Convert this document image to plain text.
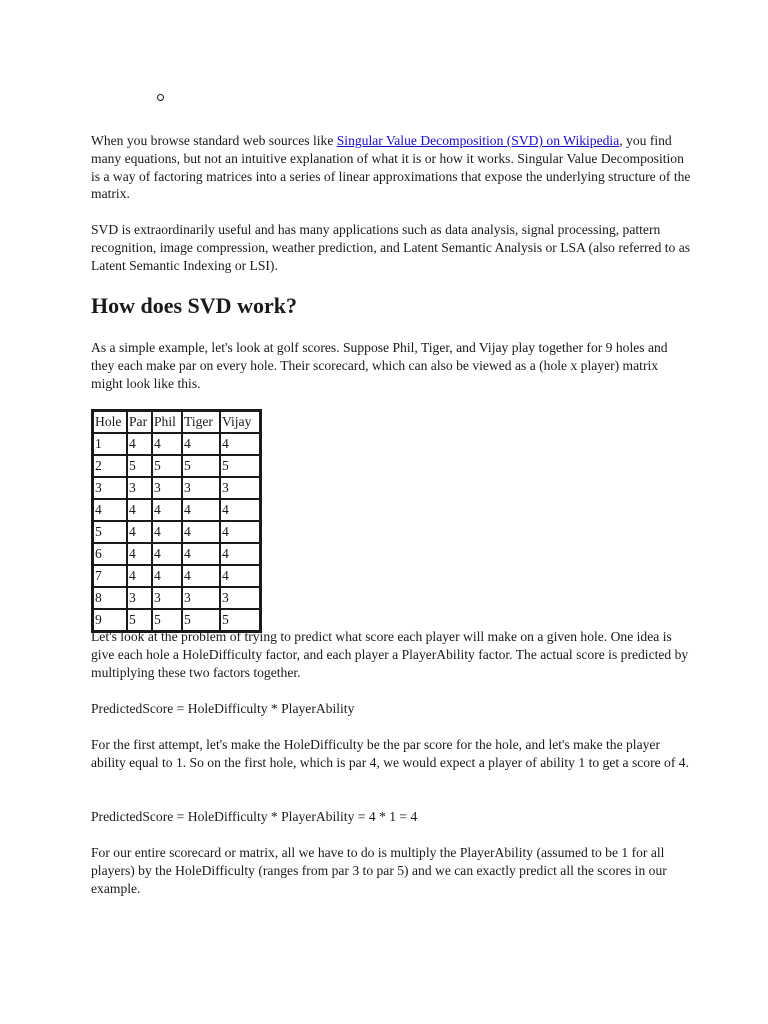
When you browse standard web sources like Singular Value Decomposition (SVD) on Wikipedia, you find many equations, but not an intuitive explanation of what it is or how it works. Singular Value Decomposition is a way of factoring matrices into a series of linear approximations that expose the underlying structure of the matrix.

SVD is extraordinarily useful and has many applications such as data analysis, signal processing, pattern recognition, image compression, weather prediction, and Latent Semantic Analysis or LSA (also referred to as Latent Semantic Indexing or LSI).

How does SVD work?

As a simple example, let's look at golf scores. Suppose Phil, Tiger, and Vijay play together for 9 holes and they each make par on every hole. Their scorecard, which can also be viewed as a (hole x player) matrix might look like this.

Hole	Par	Phil	Tiger	Vijay
1	4	4	4	4
2	5	5	5	5
3	3	3	3	3
4	4	4	4	4
5	4	4	4	4
6	4	4	4	4
7	4	4	4	4
8	3	3	3	3
9	5	5	5	5

Let's look at the problem of trying to predict what score each player will make on a given hole. One idea is give each hole a HoleDifficulty factor, and each player a PlayerAbility factor. The actual score is predicted by multiplying these two factors together.

PredictedScore = HoleDifficulty * PlayerAbility

For the first attempt, let's make the HoleDifficulty be the par score for the hole, and let's make the player ability equal to 1. So on the first hole, which is par 4, we would expect a player of ability 1 to get a score of 4.

PredictedScore = HoleDifficulty * PlayerAbility = 4 * 1 = 4

For our entire scorecard or matrix, all we have to do is multiply the PlayerAbility (assumed to be 1 for all players) by the HoleDifficulty (ranges from par 3 to par 5) and we can exactly predict all the scores in our example.
